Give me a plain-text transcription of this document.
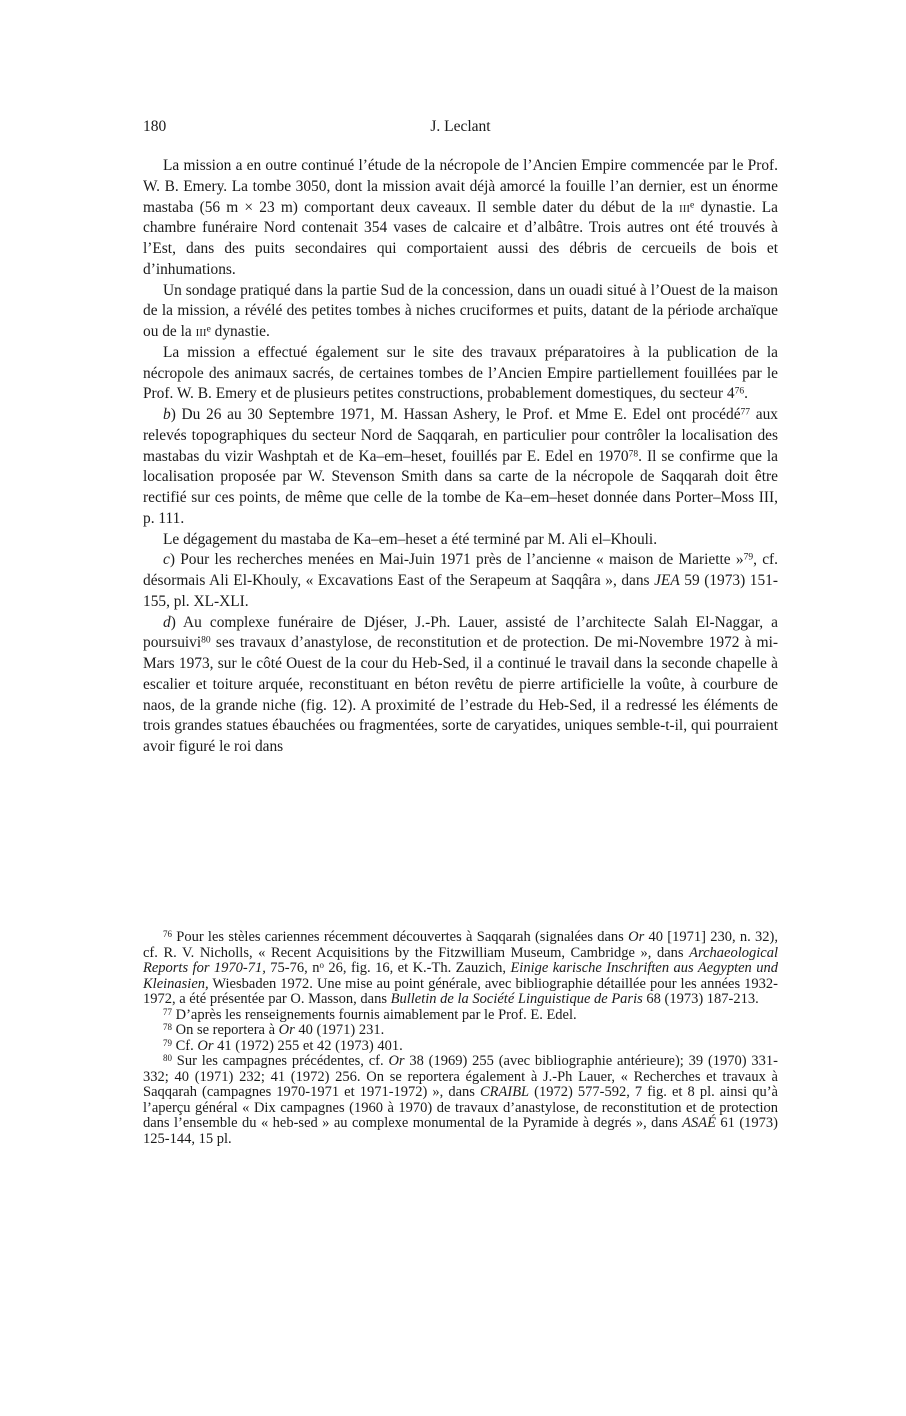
180	J. Leclant

La mission a en outre continué l’étude de la nécropole de l’Ancien Empire commencée par le Prof. W. B. Emery. La tombe 3050, dont la mission avait déjà amorcé la fouille l’an dernier, est un énorme mastaba (56 m × 23 m) comportant deux caveaux. Il semble dater du début de la iii$^e$ dynastie. La chambre funéraire Nord contenait 354 vases de calcaire et d’albâtre. Trois autres ont été trouvés à l’Est, dans des puits secondaires qui comportaient aussi des débris de cercueils de bois et d’inhumations.

Un sondage pratiqué dans la partie Sud de la concession, dans un ouadi situé à l’Ouest de la maison de la mission, a révélé des petites tombes à niches cruciformes et puits, datant de la période archaïque ou de la iii$^e$ dynastie.

La mission a effectué également sur le site des travaux préparatoires à la publication de la nécropole des animaux sacrés, de certaines tombes de l’Ancien Empire partiellement fouillées par le Prof. W. B. Emery et de plusieurs petites constructions, probablement domestiques, du secteur $4^{76}$.

b) Du 26 au 30 Septembre 1971, M. Hassan Ashery, le Prof. et Mme E. Edel ont procédé$^{77}$ aux relevés topographiques du secteur Nord de Saqqarah, en particulier pour contrôler la localisation des mastabas du vizir Washptah et de Ka–em–heset, fouillés par E. Edel en 1970$^{78}$. Il se confirme que la localisation proposée par W. Stevenson Smith dans sa carte de la nécropole de Saqqarah doit être rectifié sur ces points, de même que celle de la tombe de Ka–em–heset donnée dans Porter–Moss III, p. 111.

Le dégagement du mastaba de Ka–em–heset a été terminé par M. Ali el–Khouli.

c) Pour les recherches menées en Mai-Juin 1971 près de l’ancienne « maison de Mariette »$^{79}$, cf. désormais Ali El-Khouly, « Excavations East of the Serapeum at Saqqâra », dans JEA 59 (1973) 151-155, pl. XL-XLI.

d) Au complexe funéraire de Djéser, J.-Ph. Lauer, assisté de l’architecte Salah El-Naggar, a poursuivi$^{80}$ ses travaux d’anastylose, de reconstitution et de protection. De mi-Novembre 1972 à mi-Mars 1973, sur le côté Ouest de la cour du Heb-Sed, il a continué le travail dans la seconde chapelle à escalier et toiture arquée, reconstituant en béton revêtu de pierre artificielle la voûte, à courbure de naos, de la grande niche (fig. 12). A proximité de l’estrade du Heb-Sed, il a redressé les éléments de trois grandes statues ébauchées ou fragmentées, sorte de caryatides, uniques semble-t-il, qui pourraient avoir figuré le roi dans

$^{76}$ Pour les stèles cariennes récemment découvertes à Saqqarah (signalées dans Or 40 [1971] 230, n. 32), cf. R. V. Nicholls, « Recent Acquisitions by the Fitzwilliam Museum, Cambridge », dans Archaeological Reports for 1970-71, 75-76, $n^o$ 26, fig. 16, et K.-Th. Zauzich, Einige karische Inschriften aus Aegypten und Kleinasien, Wiesbaden 1972. Une mise au point générale, avec bibliographie détaillée pour les années 1932-1972, a été présentée par O. Masson, dans Bulletin de la Société Linguistique de Paris 68 (1973) 187-213.

$^{77}$ D’après les renseignements fournis aimablement par le Prof. E. Edel.

$^{78}$ On se reportera à Or 40 (1971) 231.

$^{79}$ Cf. Or 41 (1972) 255 et 42 (1973) 401.

$^{80}$ Sur les campagnes précédentes, cf. Or 38 (1969) 255 (avec bibliographie antérieure); 39 (1970) 331-332; 40 (1971) 232; 41 (1972) 256. On se reportera également à J.-Ph Lauer, « Recherches et travaux à Saqqarah (campagnes 1970-1971 et 1971-1972) », dans CRAIBL (1972) 577-592, 7 fig. et 8 pl. ainsi qu’à l’aperçu général « Dix campagnes (1960 à 1970) de travaux d’anastylose, de reconstitution et de protection dans l’ensemble du « heb-sed » au complexe monumental de la Pyramide à degrés », dans ASAÉ 61 (1973) 125-144, 15 pl.
